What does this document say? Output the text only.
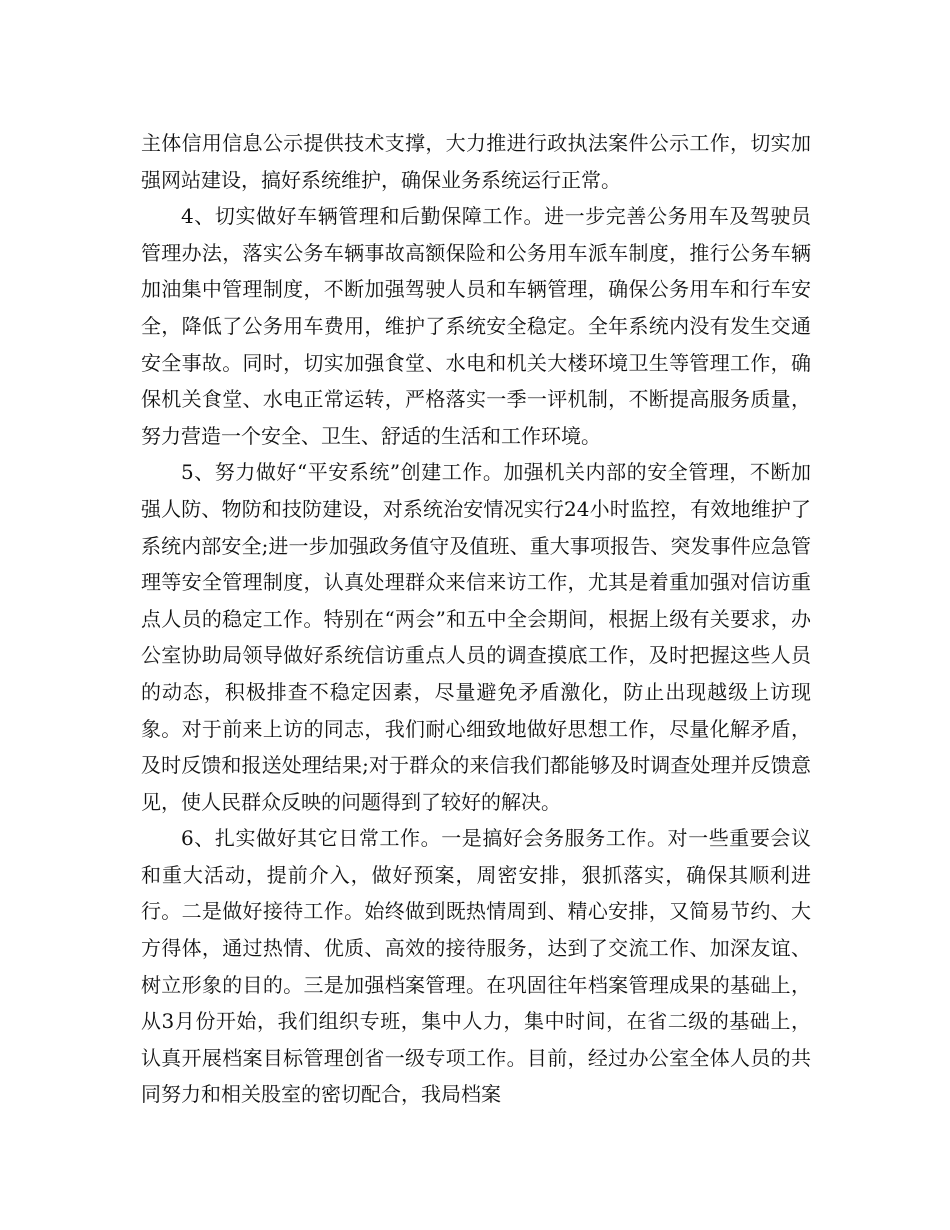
主体信用信息公示提供技术支撑，大力推进行政执法案件公示工作，切实加强网站建设，搞好系统维护，确保业务系统运行正常。

4、切实做好车辆管理和后勤保障工作。进一步完善公务用车及驾驶员管理办法，落实公务车辆事故高额保险和公务用车派车制度，推行公务车辆加油集中管理制度，不断加强驾驶人员和车辆管理，确保公务用车和行车安全，降低了公务用车费用，维护了系统安全稳定。全年系统内没有发生交通安全事故。同时，切实加强食堂、水电和机关大楼环境卫生等管理工作，确保机关食堂、水电正常运转，严格落实一季一评机制，不断提高服务质量，努力营造一个安全、卫生、舒适的生活和工作环境。

5、努力做好“平安系统”创建工作。加强机关内部的安全管理，不断加强人防、物防和技防建设，对系统治安情况实行24小时监控，有效地维护了系统内部安全;进一步加强政务值守及值班、重大事项报告、突发事件应急管理等安全管理制度，认真处理群众来信来访工作，尤其是着重加强对信访重点人员的稳定工作。特别在“两会”和五中全会期间，根据上级有关要求，办公室协助局领导做好系统信访重点人员的调查摸底工作，及时把握这些人员的动态，积极排查不稳定因素，尽量避免矛盾激化，防止出现越级上访现象。对于前来上访的同志，我们耐心细致地做好思想工作，尽量化解矛盾，及时反馈和报送处理结果;对于群众的来信我们都能够及时调查处理并反馈意见，使人民群众反映的问题得到了较好的解决。

6、扎实做好其它日常工作。一是搞好会务服务工作。对一些重要会议和重大活动，提前介入，做好预案，周密安排，狠抓落实，确保其顺利进行。二是做好接待工作。始终做到既热情周到、精心安排，又简易节约、大方得体，通过热情、优质、高效的接待服务，达到了交流工作、加深友谊、树立形象的目的。三是加强档案管理。在巩固往年档案管理成果的基础上，从3月份开始，我们组织专班，集中人力，集中时间，在省二级的基础上，认真开展档案目标管理创省一级专项工作。目前，经过办公室全体人员的共同努力和相关股室的密切配合，我局档案
